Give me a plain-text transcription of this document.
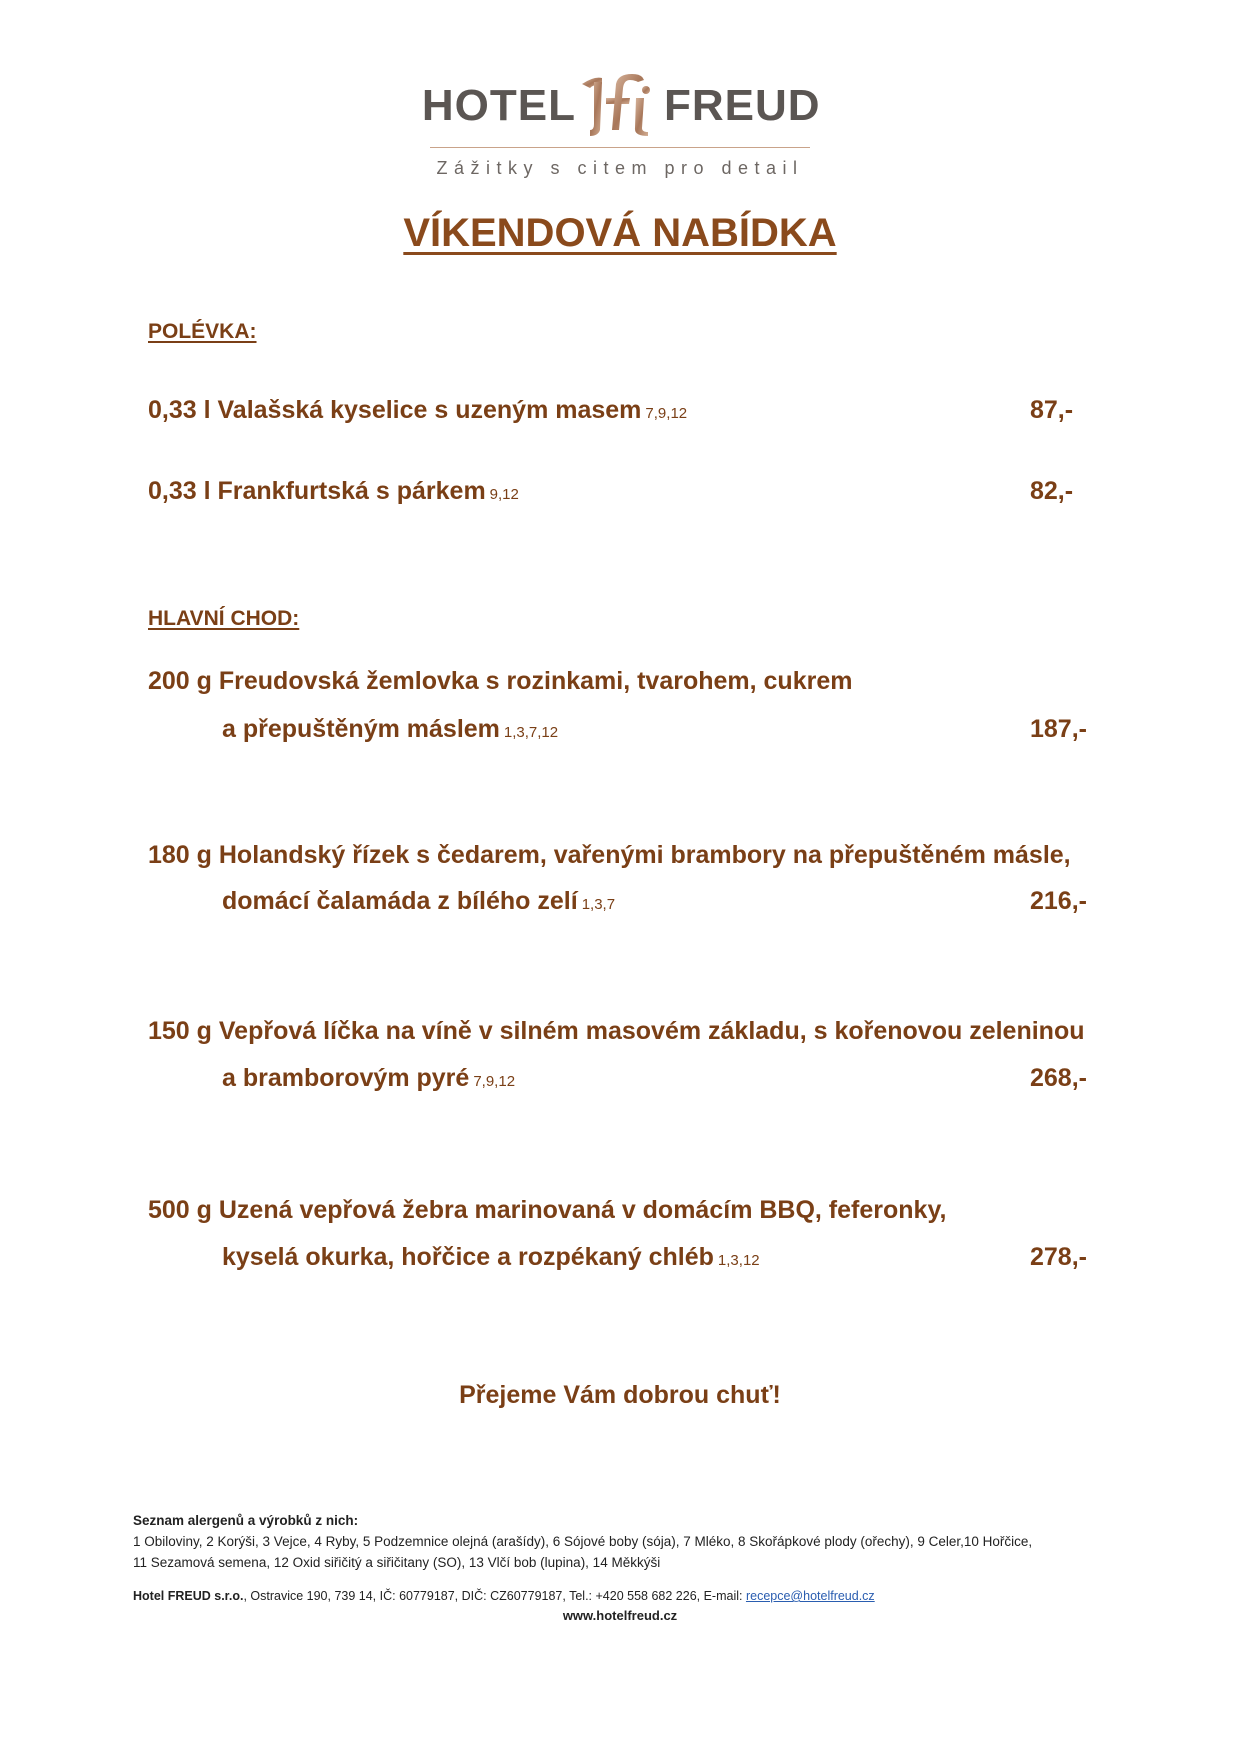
HOTEL FREUD
Zážitky s citem pro detail
VÍKENDOVÁ NABÍDKA
POLÉVKA:
0,33 l Valašská kyselice s uzeným masem 7,9,12	87,-
0,33 l Frankfurtská s párkem 9,12	82,-
HLAVNÍ CHOD:
200 g Freudovská žemlovka s rozinkami, tvarohem, cukrem
a přepuštěným máslem 1,3,7,12	187,-
180 g Holandský řízek s čedarem, vařenými brambory na přepuštěném másle,
domácí čalamáda z bílého zelí 1,3,7	216,-
150 g Vepřová líčka na víně v silném masovém základu, s kořenovou zeleninou
a bramborovým pyré 7,9,12	268,-
500 g Uzená vepřová žebra marinovaná v domácím BBQ, feferonky,
kyselá okurka, hořčice a rozpékaný chléb 1,3,12	278,-
Přejeme Vám dobrou chuť!
Seznam alergenů a výrobků z nich:
1 Obiloviny, 2 Korýši, 3 Vejce, 4 Ryby, 5 Podzemnice olejná (arašídy), 6 Sójové boby (sója), 7 Mléko, 8 Skořápkové plody (ořechy), 9 Celer,10 Hořčice,
11 Sezamová semena, 12 Oxid siřičitý a siřičitany (SO), 13 Vlčí bob (lupina), 14 Měkkýši
Hotel FREUD s.r.o., Ostravice 190, 739 14, IČ: 60779187, DIČ: CZ60779187, Tel.: +420 558 682 226, E-mail: recepce@hotelfreud.cz
www.hotelfreud.cz
